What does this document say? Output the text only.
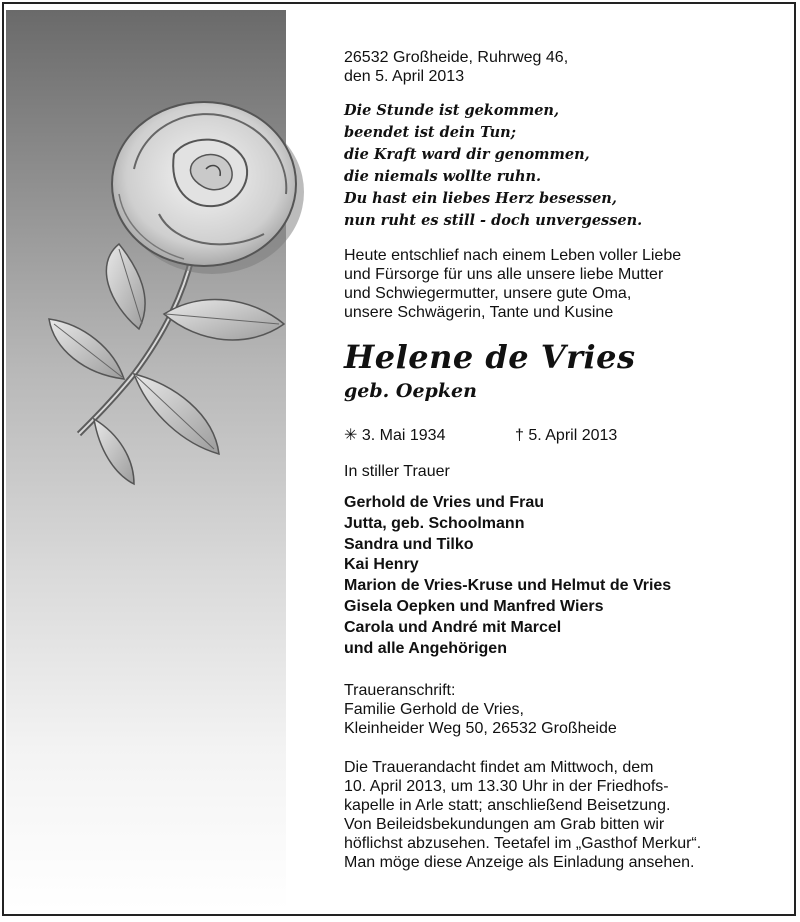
26532 Großheide, Ruhrweg 46,

den 5. April 2013

Die Stunde ist gekommen,
beendet ist dein Tun;
die Kraft ward dir genommen,
die niemals wollte ruhn.
Du hast ein liebes Herz besessen,
nun ruht es still - doch unvergessen.

Heute entschlief nach einem Leben voller Liebe

und Fürsorge für uns alle unsere liebe Mutter

und Schwiegermutter, unsere gute Oma,

unsere Schwägerin, Tante und Kusine

Helene de Vries
geb. Oepken
✳ 3. Mai 1934	† 5. April 2013

In stiller Trauer

Gerhold de Vries und Frau
Jutta, geb. Schoolmann
Sandra und Tilko
Kai Henry
Marion de Vries-Kruse und Helmut de Vries
Gisela Oepken und Manfred Wiers
Carola und André mit Marcel
und alle Angehörigen

Traueranschrift:

Familie Gerhold de Vries,

Kleinheider Weg 50, 26532 Großheide

Die Trauerandacht findet am Mittwoch, dem

10. April 2013, um 13.30 Uhr in der Friedhofs-

kapelle in Arle statt; anschließend Beisetzung.

Von Beileidsbekundungen am Grab bitten wir

höflichst abzusehen. Teetafel im „Gasthof Merkur“.

Man möge diese Anzeige als Einladung ansehen.
